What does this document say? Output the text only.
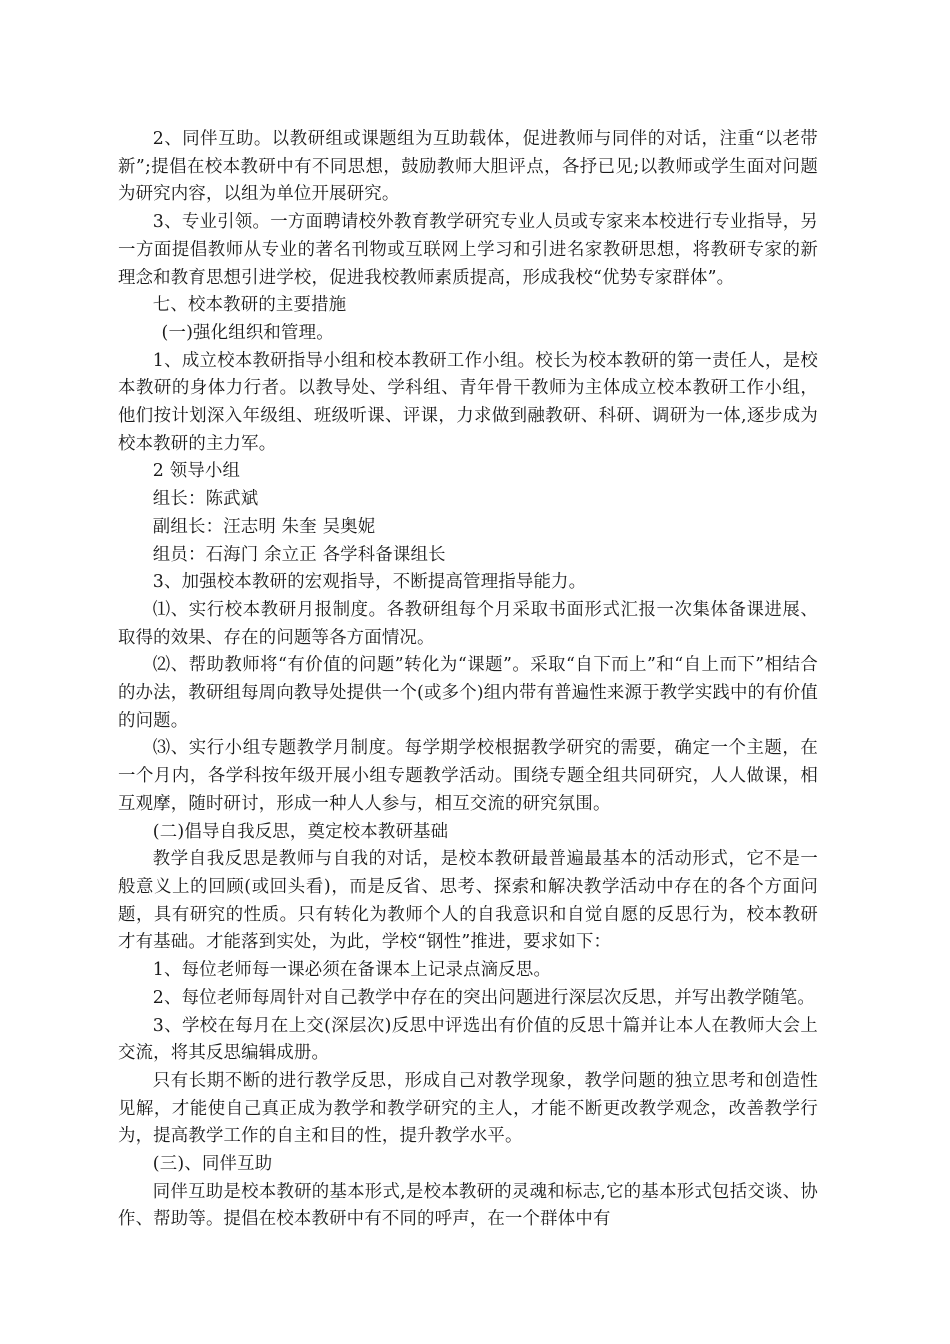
2、同伴互助。以教研组或课题组为互助载体，促进教师与同伴的对话，注重“以老带新”;提倡在校本教研中有不同思想，鼓励教师大胆评点，各抒已见;以教师或学生面对问题为研究内容，以组为单位开展研究。

3、专业引领。一方面聘请校外教育教学研究专业人员或专家来本校进行专业指导，另一方面提倡教师从专业的著名刊物或互联网上学习和引进名家教研思想，将教研专家的新理念和教育思想引进学校，促进我校教师素质提高，形成我校“优势专家群体”。

七、校本教研的主要措施

(一)强化组织和管理。

1、成立校本教研指导小组和校本教研工作小组。校长为校本教研的第一责任人，是校本教研的身体力行者。以教导处、学科组、青年骨干教师为主体成立校本教研工作小组，他们按计划深入年级组、班级听课、评课，力求做到融教研、科研、调研为一体,逐步成为校本教研的主力军。

2 领导小组

组长：陈武斌

副组长：汪志明 朱奎 吴奥妮

组员：石海门 余立正 各学科备课组长

3、加强校本教研的宏观指导，不断提高管理指导能力。

⑴、实行校本教研月报制度。各教研组每个月采取书面形式汇报一次集体备课进展、取得的效果、存在的问题等各方面情况。

⑵、帮助教师将“有价值的问题”转化为“课题”。采取“自下而上”和“自上而下”相结合的办法，教研组每周向教导处提供一个(或多个)组内带有普遍性来源于教学实践中的有价值的问题。

⑶、实行小组专题教学月制度。每学期学校根据教学研究的需要，确定一个主题，在一个月内，各学科按年级开展小组专题教学活动。围绕专题全组共同研究，人人做课，相互观摩，随时研讨，形成一种人人参与，相互交流的研究氛围。

(二)倡导自我反思，奠定校本教研基础

教学自我反思是教师与自我的对话，是校本教研最普遍最基本的活动形式，它不是一般意义上的回顾(或回头看)，而是反省、思考、探索和解决教学活动中存在的各个方面问题，具有研究的性质。只有转化为教师个人的自我意识和自觉自愿的反思行为，校本教研才有基础。才能落到实处，为此，学校“钢性”推进，要求如下：

1、每位老师每一课必须在备课本上记录点滴反思。

2、每位老师每周针对自己教学中存在的突出问题进行深层次反思，并写出教学随笔。

3、学校在每月在上交(深层次)反思中评选出有价值的反思十篇并让本人在教师大会上交流，将其反思编辑成册。

只有长期不断的进行教学反思，形成自己对教学现象，教学问题的独立思考和创造性见解，才能使自己真正成为教学和教学研究的主人，才能不断更改教学观念，改善教学行为，提高教学工作的自主和目的性，提升教学水平。

(三)、同伴互助

同伴互助是校本教研的基本形式,是校本教研的灵魂和标志,它的基本形式包括交谈、协作、帮助等。提倡在校本教研中有不同的呼声，在一个群体中有
